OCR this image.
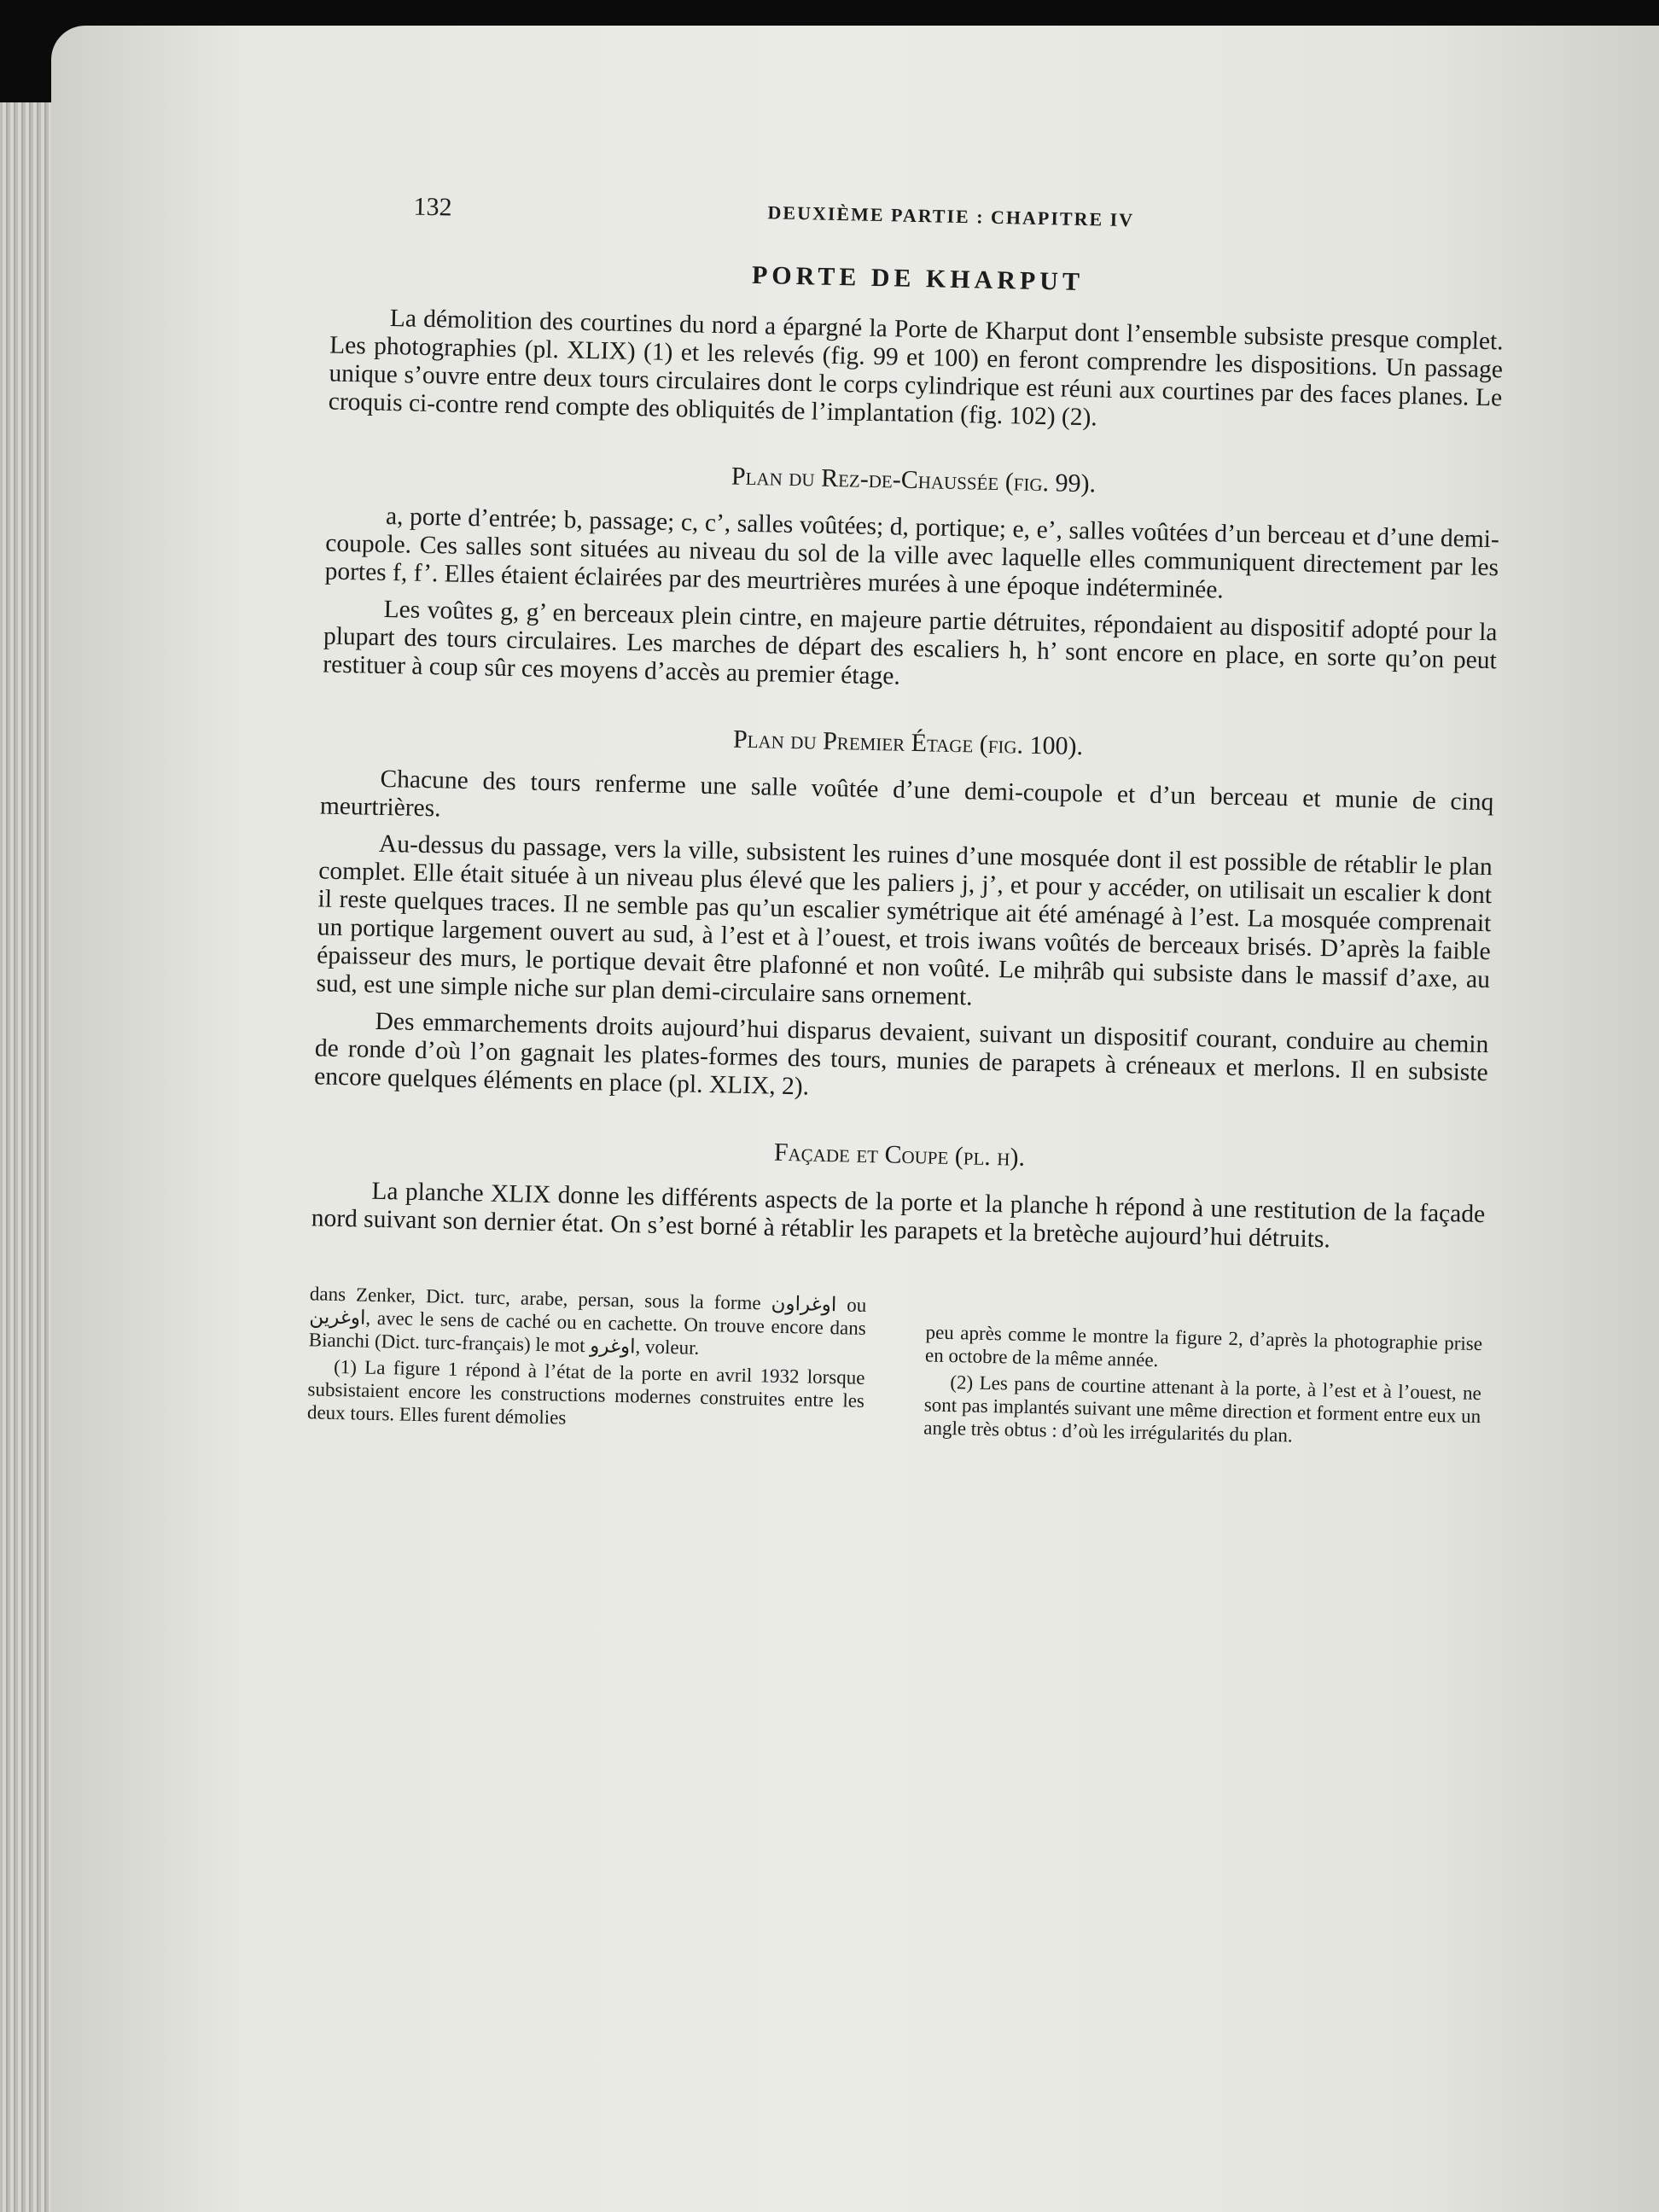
132	DEUXIÈME PARTIE : CHAPITRE IV
PORTE DE KHARPUT

La démolition des courtines du nord a épargné la Porte de Kharput dont l’ensemble subsiste presque complet. Les photographies (pl. XLIX) (1) et les relevés (fig. 99 et 100) en feront comprendre les dispositions. Un passage unique s’ouvre entre deux tours circulaires dont le corps cylindrique est réuni aux courtines par des faces planes. Le croquis ci-contre rend compte des obliquités de l’implantation (fig. 102) (2).

Plan du Rez-de-Chaussée (fig. 99).

a, porte d’entrée; b, passage; c, c’, salles voûtées; d, portique; e, e’, salles voûtées d’un berceau et d’une demi-coupole. Ces salles sont situées au niveau du sol de la ville avec laquelle elles communiquent directement par les portes f, f’. Elles étaient éclairées par des meurtrières murées à une époque indéterminée.

Les voûtes g, g’ en berceaux plein cintre, en majeure partie détruites, répondaient au dispositif adopté pour la plupart des tours circulaires. Les marches de départ des escaliers h, h’ sont encore en place, en sorte qu’on peut restituer à coup sûr ces moyens d’accès au premier étage.

Plan du Premier Étage (fig. 100).

Chacune des tours renferme une salle voûtée d’une demi-coupole et d’un berceau et munie de cinq meurtrières.

Au-dessus du passage, vers la ville, subsistent les ruines d’une mosquée dont il est possible de rétablir le plan complet. Elle était située à un niveau plus élevé que les paliers j, j’, et pour y accéder, on utilisait un escalier k dont il reste quelques traces. Il ne semble pas qu’un escalier symétrique ait été aménagé à l’est. La mosquée comprenait un portique largement ouvert au sud, à l’est et à l’ouest, et trois iwans voûtés de berceaux brisés. D’après la faible épaisseur des murs, le portique devait être plafonné et non voûté. Le miḥrâb qui subsiste dans le massif d’axe, au sud, est une simple niche sur plan demi-circulaire sans ornement.

Des emmarchements droits aujourd’hui disparus devaient, suivant un dispositif courant, conduire au chemin de ronde d’où l’on gagnait les plates-formes des tours, munies de parapets à créneaux et merlons. Il en subsiste encore quelques éléments en place (pl. XLIX, 2).

Façade et Coupe (pl. h).

La planche XLIX donne les différents aspects de la porte et la planche h répond à une restitution de la façade nord suivant son dernier état. On s’est borné à rétablir les parapets et la bretèche aujourd’hui détruits.

dans Zenker, Dict. turc, arabe, persan, sous la forme اوغراون ou اوغرين, avec le sens de caché ou en cachette. On trouve encore dans Bianchi (Dict. turc-français) le mot اوغرو, voleur.

(1) La figure 1 répond à l’état de la porte en avril 1932 lorsque subsistaient encore les constructions modernes construites entre les deux tours. Elles furent démolies

peu après comme le montre la figure 2, d’après la photographie prise en octobre de la même année.

(2) Les pans de courtine attenant à la porte, à l’est et à l’ouest, ne sont pas implantés suivant une même direction et forment entre eux un angle très obtus : d’où les irrégularités du plan.
